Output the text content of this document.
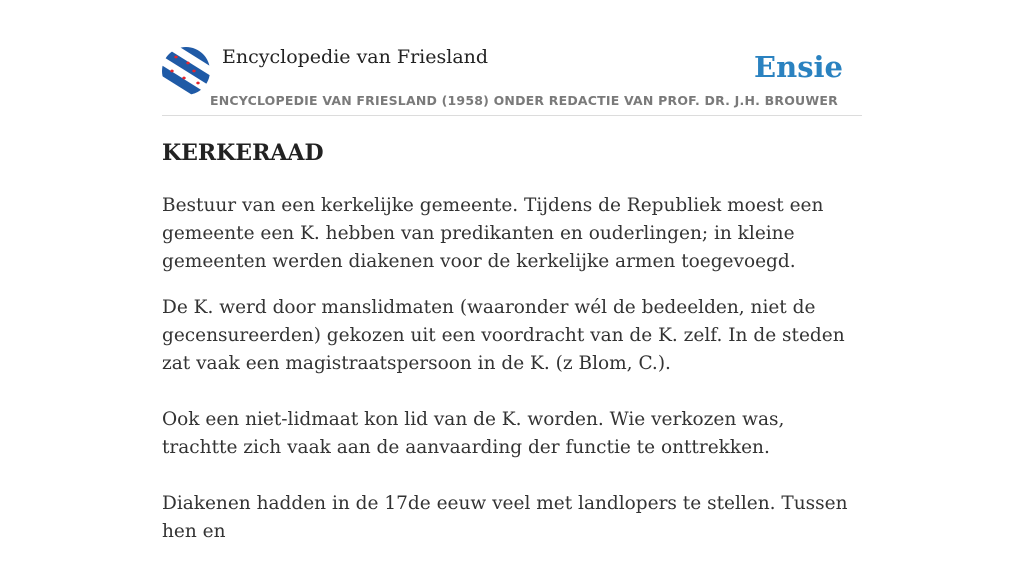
Encyclopedie van Friesland	Ensie
ENCYCLOPEDIE VAN FRIESLAND (1958) ONDER REDACTIE VAN PROF. DR. J.H. BROUWER
KERKERAAD

Bestuur van een kerkelijke gemeente. Tijdens de Republiek moest een gemeente een K. hebben van predikanten en ouderlingen; in kleine gemeenten werden diakenen voor de kerkelijke armen toegevoegd.

De K. werd door manslidmaten (waaronder wél de bedeelden, niet de gecensureerden) gekozen uit een voordracht van de K. zelf. In de steden zat vaak een magistraatspersoon in de K. (z Blom, C.).

Ook een niet-lidmaat kon lid van de K. worden. Wie verkozen was, trachtte zich vaak aan de aanvaarding der functie te onttrekken.

Diakenen hadden in de 17de eeuw veel met landlopers te stellen. Tussen hen en
